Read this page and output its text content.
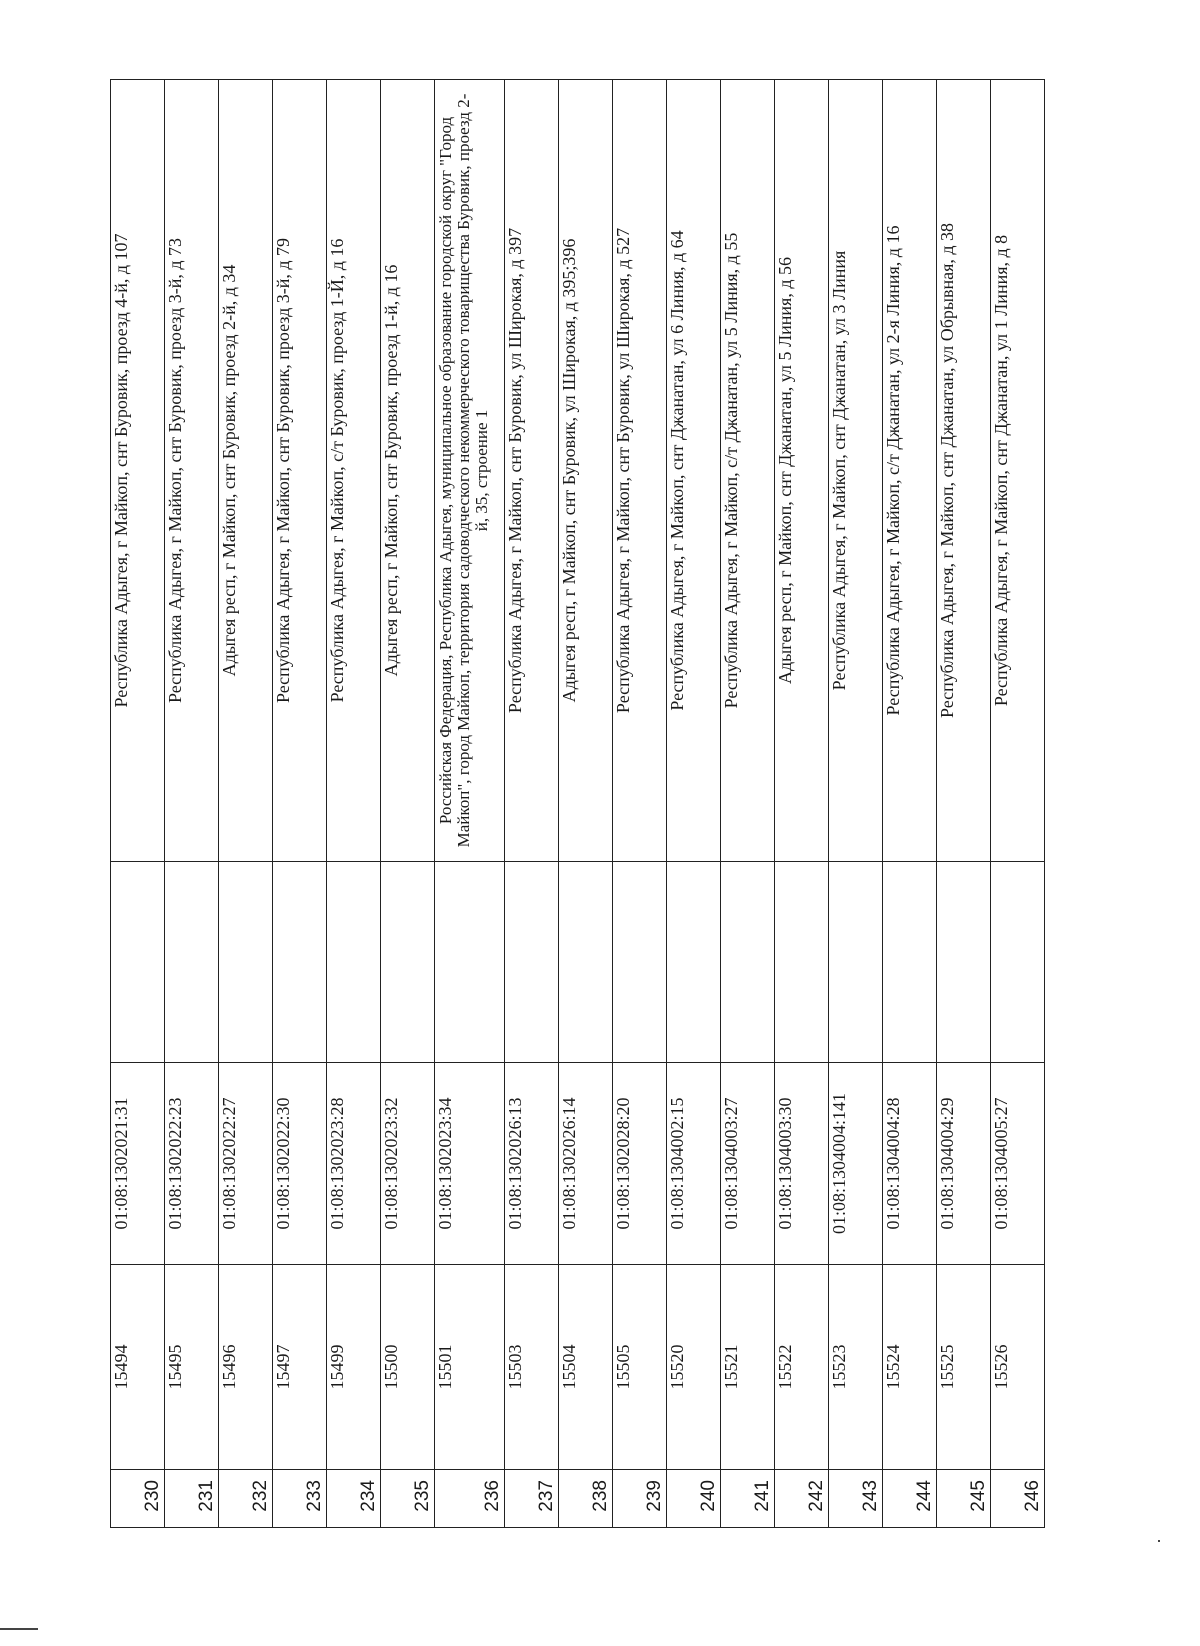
230	15494	01:08:1302021:31		Республика Адыгея, г Майкоп, снт Буровик, проезд 4-й, д 107
231	15495	01:08:1302022:23		Республика Адыгея, г Майкоп, снт Буровик, проезд 3-й, д 73
232	15496	01:08:1302022:27		Адыгея респ, г Майкоп, снт Буровик, проезд 2-й, д 34
233	15497	01:08:1302022:30		Республика Адыгея, г Майкоп, снт Буровик, проезд 3-й, д 79
234	15499	01:08:1302023:28		Республика Адыгея, г Майкоп, с/т Буровик, проезд 1-Й, д 16
235	15500	01:08:1302023:32		Адыгея респ, г Майкоп, снт Буровик, проезд 1-й, д 16
236	15501	01:08:1302023:34		Российская Федерация, Республика Адыгея, муниципальное образование городской округ "Город Майкоп", город Майкоп, территория садоводческого некоммерческого товарищества Буровик, проезд 2-й, 35, строение 1
237	15503	01:08:1302026:13		Республика Адыгея, г Майкоп, снт Буровик, ул Широкая, д 397
238	15504	01:08:1302026:14		Адыгея респ, г Майкоп, снт Буровик, ул Широкая, д 395;396
239	15505	01:08:1302028:20		Республика Адыгея, г Майкоп, снт Буровик, ул Широкая, д 527
240	15520	01:08:1304002:15		Республика Адыгея, г Майкоп, снт Джанатан, ул 6 Линия, д 64
241	15521	01:08:1304003:27		Республика Адыгея, г Майкоп, с/т Джанатан, ул 5 Линия, д 55
242	15522	01:08:1304003:30		Адыгея респ, г Майкоп, снт Джанатан, ул 5 Линия, д 56
243	15523	01:08:1304004:141		Республика Адыгея, г Майкоп, снт Джанатан, ул 3 Линия
244	15524	01:08:1304004:28		Республика Адыгея, г Майкоп, с/т Джанатан, ул 2-я Линия, д 16
245	15525	01:08:1304004:29		Республика Адыгея, г Майкоп, снт Джанатан, ул Обрывная, д 38
246	15526	01:08:1304005:27		Республика Адыгея, г Майкоп, снт Джанатан, ул 1 Линия, д 8
